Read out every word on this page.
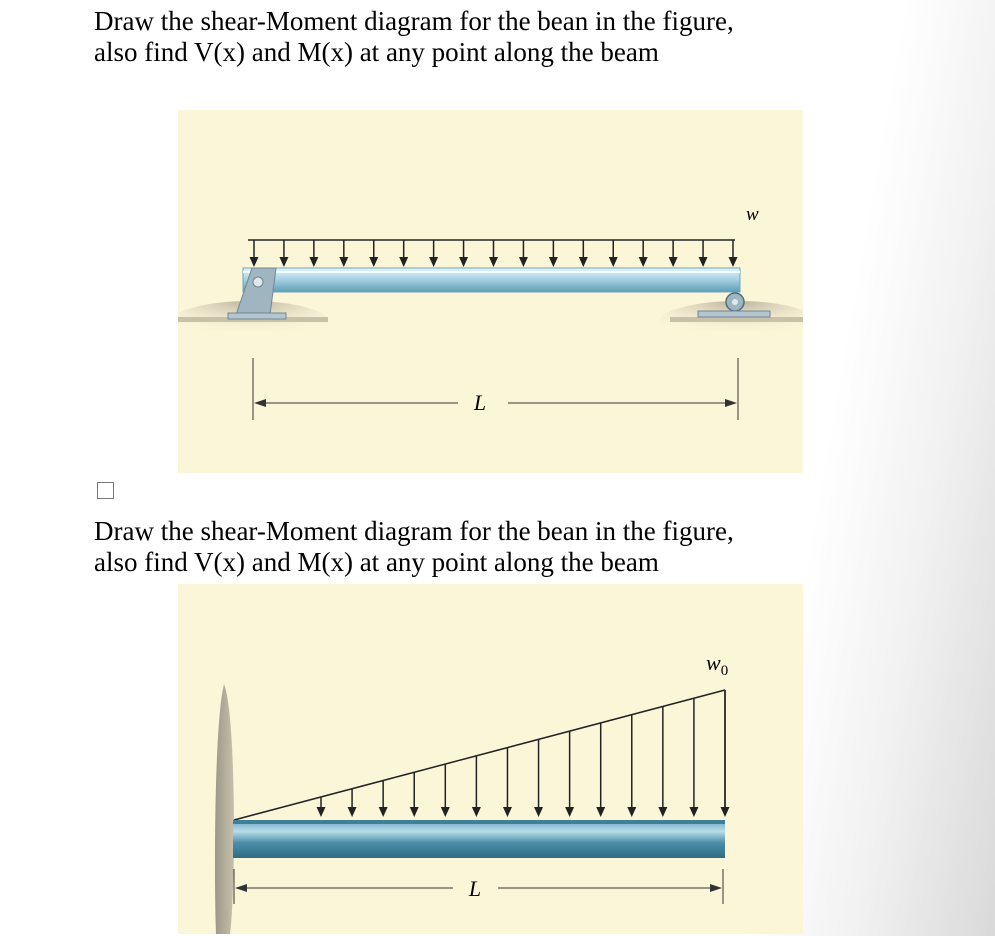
Draw the shear-Moment diagram for the bean in the figure,
also find V(x) and M(x) at any point along the beam

w
L

Draw the shear-Moment diagram for the bean in the figure,
also find V(x) and M(x) at any point along the beam

$w_0$
L
